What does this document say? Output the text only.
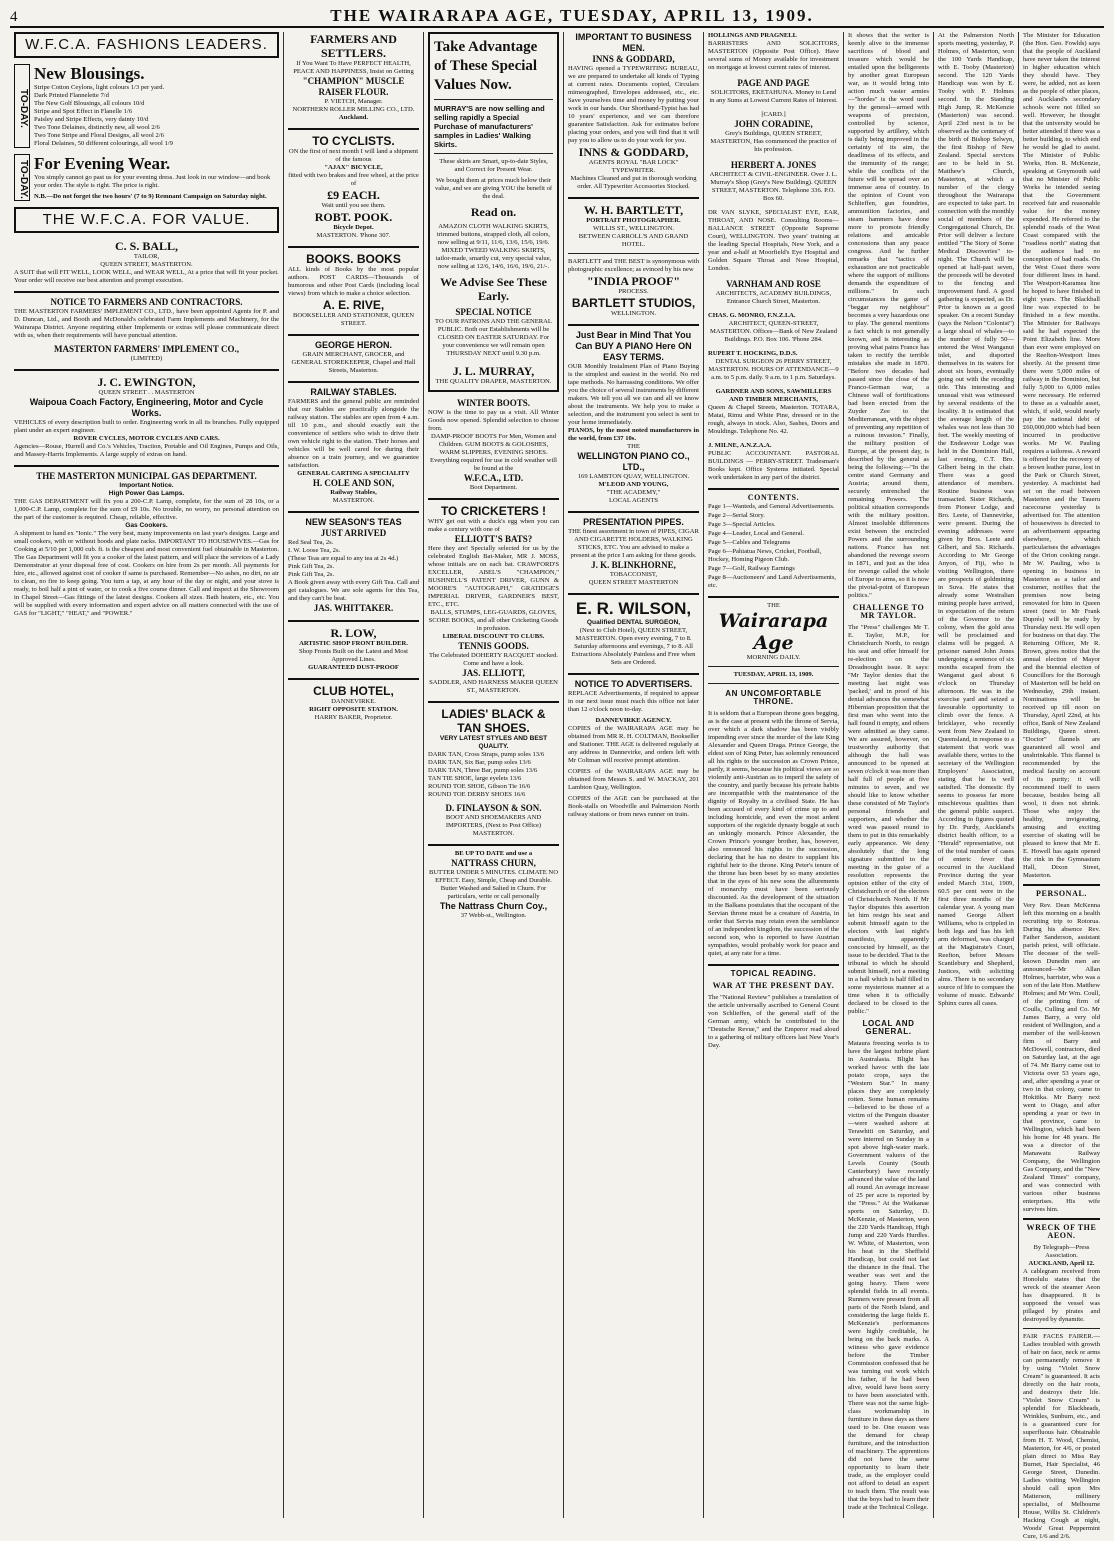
4	THE WAIRARAPA AGE, TUESDAY, APRIL 13, 1909.
W.F.C.A. FASHIONS LEADERS.
TO-DAY.
New Blousings.
Stripe Cotton Ceylons, light colours 1/3 per yard.
Dark Printed Flannelette 7/d
The New Golf Blousings, all colours 10/d
Stripe and Spot Effect in Flanelle 1/6
Paisley and Stripe Effects, very dainty 10/d
Two Tone Delaines, distinctly new, all wool 2/6
Two Tone Stripe and Floral Designs, all wool 2/6
Floral Delaines, 50 different colourings, all wool 1/9
TO-DAY. For Evening Wear.
You simply cannot go past us for your evening dress. Just look in our window—and book your order. The style is right. The price is right.
N.B.—Do not forget the two hours' (7 to 9) Remnant Campaign on Saturday night.
THE W.F.C.A. FOR VALUE.
C. S. BALL,
TAILOR,
QUEEN STREET, MASTERTON.
A SUIT that will FIT WELL, LOOK WELL, and WEAR WELL, At a price that will fit your pocket. Your order will receive our best attention and prompt execution.
NOTICE TO FARMERS AND CONTRACTORS.
THE MASTERTON FARMERS' IMPLEMENT CO., LTD., have been appointed Agents for P. and D. Duncan, Ltd., and Booth and McDonald's celebrated Farm Implements and Machinery, for the Wairarapa District. Anyone requiring either Implements or extras will please communicate direct with us, when their requirements will have punctual attention.
MASTERTON FARMERS' IMPLEMENT CO.,
(LIMITED)
J. C. EWINGTON,
QUEEN STREET . . MASTERTON
Waipoua Coach Factory, Engineering, Motor and Cycle Works.
VEHICLES of every description built to order. Engineering work in all its branches. Fully equipped plant under an expert engineer.
ROVER CYCLES, MOTOR CYCLES AND CARS.
Agencies—Rouse, Hurrell and Co.'s Vehicles, Traction, Portable and Oil Engines, Pumps and Oils, and Massey-Harris Implements. A large supply of extras on hand.
THE MASTERTON MUNICIPAL GAS DEPARTMENT.
Important Notice.
High Power Gas Lamps.
THE GAS DEPARTMENT will fix you a 200-C.P. Lamp, complete, for the sum of 28 10s, or a 1,000-C.P. Lamp, complete for the sum of £9 10s. No trouble, no worry, no personal attention on the part of the customer is required. Cheap, reliable, effective.
Gas Cookers.
A shipment to hand ex "Ionic." The very best, many improvements on last year's designs. Large and small cookers, with or without hoods and plate racks. IMPORTANT TO HOUSEWIVES.—Gas for Cooking at 5/10 per 1,000 cub. ft. is the cheapest and most convenient fuel obtainable in Masterton. The Gas Department will fit you a cooker of the latest pattern, and will place the services of a Lady Demonstrator at your disposal free of cost. Cookers on hire from 2s per month. All payments for hire, etc., allowed against cost of cooker if same is purchased. Remember—No ashes, no dirt, no air to clean, no fire to keep going. You turn a tap, at any hour of the day or night, and your stove is ready, to boil half a pint of water, or to cook a five course dinner. Call and inspect at the Showroom in Chapel Street—Gas fittings of the latest designs. Cookers all sizes. Bath heaters, etc., etc. You will be supplied with every information and expert advice on all matters connected with the use of GAS for "LIGHT," "HEAT," and "POWER."
FARMERS AND SETTLERS.
If You Want To Have PERFECT HEALTH, PEACE AND HAPPINESS, Insist on Getting
"CHAMPION" MUSCLE RAISER FLOUR.
P. VIETCH, Manager.
NORTHERN ROLLER MILLING CO., LTD.
Auckland.
TO CYCLISTS.
ON the first of next month I will land a shipment of the famous
"AJAX" BICYCLE,
fitted with two brakes and free wheel, at the price of
£9 EACH.
Wait until you see them.
ROBT. POOK.
Bicycle Depot.
MASTERTON. 'Phone 307.
BOOKS. BOOKS
ALL kinds of Books by the most popular authors. POST CARDS—Thousands of humorous and other Post Cards (including local views) from which to make a choice selection.
A. E. RIVE,
BOOKSELLER AND STATIONER, QUEEN STREET.
GEORGE HERON.
GRAIN MERCHANT, GROCER, and GENERAL STOREKEEPER, Chapel and Hall Streets, Masterton.
RAILWAY STABLES.
FARMERS and the general public are reminded that our Stables are practically alongside the railway station. The stables are open from 4 a.m. till 10 p.m., and should exactly suit the convenience of settlers who wish to drive their own vehicle right to the station. Their horses and vehicles will be well cared for during their absence on a train journey, and we guarantee satisfaction.
GENERAL CARTING A SPECIALITY
H. COLE AND SON,
Railway Stables,
MASTERTON.
NEW SEASON'S TEAS
JUST ARRIVED
Red Seal Tea, 2s.
I. W. Loose Tea, 2s.
(These Teas are equal to any tea at 2s 4d.)
Pink Gift Tea, 2s.
Pink Gift Tea, 2s.
A Book given away with every Gift Tea. Call and get catalogues. We are sole agents for this Tea, and they can't be beat.
JAS. WHITTAKER.
R. LOW,
ARTISTIC SHOP FRONT BUILDER.
Shop Fronts Built on the Latest and Most Approved Lines.
GUARANTEED DUST-PROOF
CLUB HOTEL,
DANNEVIRKE.
RIGHT OPPOSITE STATION.
HARRY BAKER, Proprietor.
Take Advantage of These Special Values Now.
MURRAY'S are now selling and selling rapidly a Special Purchase of manufacturers' samples in Ladies' Walking Skirts.
These skirts are Smart, up-to-date Styles, and Correct for Present Wear.
We bought them at prices much below their value, and we are giving YOU the benefit of the deal.
Read on.
AMAZON CLOTH WALKING SKIRTS, trimmed buttons, strapped cloth, all colors, now selling at 9/11, 11/6, 13/6, 15/6, 19/6. MIXED TWEED WALKING SKIRTS, tailor-made, smartly cut, very special value, now selling at 12/6, 14/6, 16/6, 19/6, 21/-.
We Advise See These Early.
SPECIAL NOTICE
TO OUR PATRONS AND THE GENERAL PUBLIC. Both our Establishments will be CLOSED ON EASTER SATURDAY. For your convenience we will remain open THURSDAY NEXT until 9.30 p.m.
J. L. MURRAY,
THE QUALITY DRAPER, MASTERTON.
WINTER BOOTS.
NOW is the time to pay us a visit. All Winter Goods now opened. Splendid selection to choose from.
DAMP-PROOF BOOTS For Men, Women and Children. GUM BOOTS & GOLOSHES, WARM SLIPPERS, EVENING SHOES. Everything required for use in cold weather will be found at the
W.F.C.A., LTD.
Boot Department.
TO CRICKETERS !
WHY get out with a duck's egg when you can make a century with one of
ELLIOTT'S BATS?
Here they are! Specially selected for us by the celebrated English Bat-Maker, MR J. MOSS, whose initials are on each bat. CRAWFORD'S EXCELLER, ABEL'S "CHAMPION," BUSHNELL'S PATENT DRIVER, GUNN & MOORE'S "AUTOGRAPH," GRATIDGE'S IMPERIAL DRIVER, GARDNER'S BEST, ETC., ETC.
BALLS, STUMPS, LEG-GUARDS, GLOVES, SCORE BOOKS, and all other Cricketing Goods in profusion.
LIBERAL DISCOUNT TO CLUBS.
TENNIS GOODS.
The Celebrated DOHERTY RACQUET stocked. Come and have a look.
JAS. ELLIOTT,
SADDLER, AND HARNESS MAKER QUEEN ST., MASTERTON.
LADIES' BLACK & TAN SHOES.
VERY LATEST STYLES AND BEST QUALITY.
DARK TAN, Cross Straps, pump soles 13/6
DARK TAN, Six Bar, pump soles 13/6
DARK TAN, Three Bar, pump soles 13/6
TAN TIE SHOE, large eyelets 13/6
ROUND TOE SHOE, Gibson Tie 16/6
ROUND TOE DERBY SHOES 16/6
D. FINLAYSON & SON.
BOOT AND SHOEMAKERS AND IMPORTERS, (Next to Post Office) MASTERTON.
BE UP TO DATE and use a
NATTRASS CHURN,
BUTTER UNDER 5 MINUTES. CLIMATE NO EFFECT. Easy, Simple, Cheap and Durable. Butter Washed and Salted in Churn. For particulars, write or call personally
The Nattrass Churn Coy.,
37 Webb-st., Wellington.
IMPORTANT TO BUSINESS MEN.
INNS & GODDARD,
HAVING opened a TYPEWRITING BUREAU, we are prepared to undertake all kinds of Typing at current rates. Documents copied, Circulars mimeographed, Envelopes addressed, etc., etc. Save yourselves time and money by putting your work in our hands. Our Shorthand-Typist has had 10 years' experience, and we can therefore guarantee Satisfaction. Ask for estimates before placing your orders, and you will find that it will pay you to allow us to do your work for you.
INNS & GODDARD,
AGENTS ROYAL "BAR LOCK" TYPEWRITER.
Machines Cleaned and put in thorough working order. All Typewriter Accessories Stocked.
W. H. BARTLETT,
PORTRAIT PHOTOGRAPHER.
WILLIS ST., WELLINGTON.
BETWEEN CARROLL'S AND GRAND HOTEL.
BARTLETT and THE BEST is synonymous with photographic excellence; as evinced by his new
"INDIA PROOF"
PROCESS.
BARTLETT STUDIOS,
WELLINGTON.
Just Bear in Mind That You Can BUY A PIANO Here ON EASY TERMS.
OUR Monthly Instalment Plan of Piano Buying is the simplest and easiest in the world. No red tape methods. No harrassing conditions. We offer you the choice of several instruments by different makers. We tell you all we can and all we know about the instruments. We help you to make a selection, and the instrument you select is sent to your home immediately.
PIANOS, by the most noted manufacturers in the world, from £37 10s.
THE
WELLINGTON PIANO CO., LTD.,
169 LAMBTON QUAY, WELLINGTON.
M'LEOD AND YOUNG,
"THE ACADEMY,"
LOCAL AGENTS
PRESENTATION PIPES.
THE finest assortment in town of PIPES, CIGAR AND CIGARETTE HOLDERS, WALKING STICKS, ETC. You are advised to make a present at the price I am asking for these goods.
J. K. BLINKHORNE,
TOBACCONIST,
QUEEN STREET MASTERTON
E. R. WILSON,
Qualified DENTAL SURGEON,
(Next to Club Hotel), QUEEN STREET, MASTERTON. Open every evening, 7 to 8. Saturday afternoons and evenings, 7 to 8. All Extractions Absolutely Painless and Free when Sets are Ordered.
NOTICE TO ADVERTISERS.
REPLACE Advertisements, if required to appear in our next issue must reach this office not later than 12 o'clock noon to-day.
DANNEVIRKE AGENCY.
COPIES of the WAIRARAPA AGE may be obtained from MR R. H. COLTMAN, Bookseller and Stationer. THE AGE is delivered regularly at any address in Dannevirke, and orders left with Mr Coltman will receive prompt attention.
COPIES of the WAIRARAPA AGE may be obtained from Messrs S. and W. MACKAY, 201 Lambton Quay, Wellington.
COPIES of the AGE can be purchased at the Book-stalls on Woodville and Palmerston North railway stations or from news runner on train.
HOLLINGS AND PRAGNELL
BARRISTERS AND SOLICITORS, MASTERTON (Opposite Post Office). Have several sums of Money available for investment on mortgage at lowest current rates of interest.
PAGE AND PAGE
SOLICITORS, EKETAHUNA. Money to Lend in any Sums at Lowest Current Rates of Interest.
[CARD.]
JOHN CORADINE,
Grey's Buildings, QUEEN STREET, MASTERTON, Has commenced the practice of his profession.
HERBERT A. JONES
ARCHITECT & CIVIL-ENGINEER. Over J. L. Murray's Shop (Grey's New Building). QUEEN STREET, MASTERTON. Telephone 336. P.O. Box 60.
DR VAN SLYKE, SPECIALIST EYE, EAR, THROAT, AND NOSE. Consulting Rooms—BALLANCE STREET (Opposite Supreme Court), WELLINGTON. Two years' training at the leading Special Hospitals, New York, and a year and a-half at Moorfield's Eye Hospital and Golden Square Throat and Nose Hospital, London.
VARNHAM AND ROSE
ARCHITECTS, ACADEMY BUILDINGS, Entrance Church Street, Masterton.
CHAS. G. MONRO, F.N.Z.I.A.
ARCHITECT, QUEEN-STREET, MASTERTON. Offices—Bank of New Zealand Buildings. P.O. Box 106. 'Phone 284.
RUPERT T. HOCKING, D.D.S.
DENTAL SURGEON 26 PERRY STREET, MASTERTON. HOURS OF ATTENDANCE—9 a.m. to 5 p.m. daily. 9 a.m. to 1 p.m. Saturdays.
GARDNER AND SONS, SAWMILLERS AND TIMBER MERCHANTS,
Queen & Chapel Streets, Masterton. TOTARA, Matai, Rimu and White Pine, dressed or in the rough, always in stock. Also, Sashes, Doors and Mouldings. Telephone No. 42.
J. MILNE, A.N.Z.A.A.
PUBLIC ACCOUNTANT. PASTORAL BUILDINGS — PERRY-STREET. Tradesman's Books kept. Office Systems initiated. Special work undertaken in any part of the district.
CONTENTS.
Page 1—Wanteds, and General Advertisements.
Page 2—Serial Story.
Page 3—Special Articles.
Page 4—Leader, Local and General.
Page 5—Cables and Telegrams
Page 6—Pahiatua News, Cricket, Football, Hockey, Homing Pigeon Club.
Page 7—Golf, Railway Earnings
Page 8—Auctioneers' and Land Advertisements, etc.
THE
Wairarapa Age
MORNING DAILY.
TUESDAY, APRIL 13, 1909.
AN UNCOMFORTABLE THRONE.
It is seldom that a European throne goes begging, as is the case at present with the throne of Servia, over which a dark shadow has been visibly impending ever since the murder of the late King Alexander and Queen Draga. Prince George, the eldest son of King Peter, has solemnly renounced all his rights to the succession as Crown Prince, partly, it seems, because his political views are so violently anti-Austrian as to imperil the safety of the country, and partly because his private habits are incompatible with the maintenance of the dignity of Royalty in a civilised State. He has been accused of every kind of crime up to and including homicide, and even the most ardent supporters of the regicide dynasty boggle at such an unkingly monarch. Prince Alexander, the Crown Prince's younger brother, has, however, also renounced his rights to the succession, declaring that he has no desire to supplant his rightful heir to the throne. King Peter's tenure of the throne has been beset by so many anxieties that in the eyes of his new sons the allurements of monarchy must have been seriously discounted. As the development of the situation in the Balkans postulates that the occupant of the Servian throne must be a creature of Austria, in order that Servia may retain even the semblance of an independent kingdom, the succession of the second son, who is reported to have Austrian sympathies, would probably work for peace and quiet, at any rate for a time.
TOPICAL READING.
WAR AT THE PRESENT DAY.
The "National Review" publishes a translation of the article universally ascribed to General Count von Schlieffen, of the general staff of the German army, which he contributed to the "Deutsche Revue," and the Emperor read aloud to a gathering of military officers last New Year's Day.
It shows that the writer is keenly alive to the immense sacrifices of blood and treasure which would be entailed upon the belligerents by another great European war, as it would bring into action much vaster armies—"hordes" is the word used by the general—armed with weapons of precision, controlled by science, supported by artillery, which is daily being improved in the certainty of its aim, the deadliness of its effects, and the immunity of its range; while the conflicts of the future will be spread over an immense area of country. In the opinion of Count von Schlieffen, gun foundries, ammunition factories, and steam hammers have done more to promote friendly relations and amicable concessions than any peace congress. And he further remarks that "tactics of exhaustion are not practicable where the support of millions demands the expenditure of millions." In such circumstances the game of "beggar my neighbour" becomes a very hazardous one to play. The general mentions a fact which is not generally known, and is interesting as proving what pains France has taken to rectify the terrible mistakes she made in 1870. "Before two decades had passed since the close of the Franco-German war, a Chinese wall of fortifications had been erected from the Zuyder Zee to the Mediterranean, with the object of preventing any repetition of a ruinous invasion." Finally, the military position of Europe, at the present day, is described by the general as being the following:—"In the centre stand Germany and Austria; around them, securely entrenched the remaining Powers. The political situation corresponds with the military position. Almost insoluble differences exist between the encircled Powers and the surrounding nations. France has not abandoned the revenge sworn in 1871, and just as the idea for revenge called the whole of Europe to arms, so it is now the pivotal-point of European politics."
CHALLENGE TO MR TAYLOR.
The "Press" challenges Mr T. E. Taylor, M.P., for Christchurch North, to resign his seat and offer himself for re-election on the Dreadnought issue. It says: "Mr Taylor denies that the meeting last night was 'packed,' and in proof of his denial advances the somewhat Hibernian proposition that the first man who went into the hall found it empty, and others were admitted as they came. We are assured, however, on trustworthy authority that although the hall was announced to be opened at seven o'clock it was more than half full of people at five minutes to seven, and we should like to know whether these consisted of Mr Taylor's personal friends and supporters, and whether the word was passed round to them to put in this remarkably early appearance. We deny absolutely that the long signature submitted to the meeting in the guise of a resolution represents the opinion either of the city of Christchurch or of the electors of Christchurch North. If Mr Taylor disputes this assertion let him resign his seat and submit himself again to the electors with last night's manifesto, apparently concocted by himself, as the issue to be decided. That is the tribunal to which he should submit himself, not a meeting in a hall which is half filled in some mysterious manner at a time when it is officially declared to be closed to the public."
LOCAL AND GENERAL.
Mataura freezing works is to have the largest turbine plant in Australasia. Blight has worked havoc with the late potato crops, says the "Western Star." In many places they are completely rotten. Some human remains—believed to be those of a victim of the Penguin disaster—were washed ashore at Terawhiti on Saturday, and were interred on Sunday in a spot above high-water mark. Government valuers of the Levels County (South Canterbury) have recently advanced the value of the land all round. An average increase of 25 per acre is reported by the "Press." At the Waikanae sports on Saturday, D. McKenzie, of Masterton, won the 220 Yards Handicap, High Jump and 220 Yards Hurdles. W. White, of Masterton, won his heat in the Sheffield Handicap, but could not last the distance in the final. The weather was wet and the going heavy. There were splendid fields in all events. Runners were present from all parts of the North Island, and considering the large fields E. McKenzie's performances were highly creditable, he being on the back marks. A witness who gave evidence before the Timber Commission confessed that he was turning out work which his father, if he had been alive, would have been sorry to have been associated with. There was not the same high-class workmanship in furniture in these days as there used to be. One reason was the demand for cheap furniture, and the introduction of machinery. The apprentices did not have the same opportunity to learn their trade, as the employer could not afford to detail an expert to teach them. The result was that the boys had to learn their trade at the Technical College.
At the Palmerston North sports meeting, yesterday, P. Holmes, of Masterton, won the 100 Yards Handicap, with E. Tooby (Masterton) second. The 120 Yards Handicap was won by E. Tooby with P. Holmes second. In the Standing High Jump, R. McKenzie (Masterton) was second. April 23rd next is to be observed as the centenary of the birth of Bishop Selwyn, the first Bishop of New Zealand. Special services are to be held in St. Matthew's Church, Masterton, at which a number of the clergy throughout the Wairarapa are expected to take part. In connection with the monthly social of members of the Congregational Church, Dr. Prior will deliver a lecture entitled "The Story of Some Medical Discoveries" to-night. The Church will be opened at half-past seven, the proceeds will be devoted to the fencing and improvement fund. A good gathering is expected, as Dr. Prior is known as a good speaker. On a recent Sunday (says the Nelson "Colonist") a large shoal of whales—to the number of fully 50—entered the West Wanganui inlet, and disported themselves in its waters for about six hours, eventually going out with the receding tide. This interesting and unusual visit was witnessed by several residents of the locality. It is estimated that the average length of the whales was not less than 30 feet. The weekly meeting of the Endeavour Lodge was held in the Dominion Hall, last evening, C.T. Bro. Gilbert being in the chair. There was a good attendance of members. Routine business was transacted. Sister Richards, from Pioneer Lodge, and Bro. Leete, of Dannevirke, were present. During the evening addresses were given by Bros. Leete and Gilbert, and Sis. Richards. According to Mr George Anyon, of Fiji, who is visiting Wellington, there are prospects of goldmining in Suva. He states that already some Westralian mining people have arrived, in expectation of the return of the Governor to the colony, when the gold area will be proclaimed and claims will be pegged. A prisoner named John Jones undergoing a sentence of six months escaped from the Wanganui gaol about 6 o'clock on Thursday afternoon. He was in the exercise yard and seized a favourable opportunity to climb over the fence. A bricklayer, who recently went from New Zealand to Queensland, in response to a statement that work was available there, writes to the secretary of the Wellington Employers' Association, stating that he is well satisfied. The domestic fly seems to possess far more mischievous qualities than the general public suspect. According to figures quoted by Dr. Purdy, Auckland's district health officer, to a "Herald" representative, out of the total number of cases of enteric fever that occurred in the Auckland Province during the year ended March 31st, 1909, 60.5 per cent were in the first three months of the calendar year. A young man named George Albert Williams, who is crippled in both legs and has his left arm deformed, was charged at the Magistrate's Court, Reefton, before Messrs Scantlebury and Shepherd, Justices, with soliciting alms. There is no secondary source of life to compare the volume of music. Edwards' Sphinx cures all cases.
The Minister for Education (the Hon. Geo. Fowlds) says that the people of Auckland have never taken the interest in higher education which they should have. They were, he added, not as keen as the people of other places, and Auckland's secondary schools were not filled so well. However, he thought that the university would be better attended if there was a better building, to which end he would be glad to assist. The Minister of Public Works, Hon. R. McKenzie, speaking at Greymouth said that no Minister of Public Works he intended seeing that the Government received fair and reasonable value for the money expended. He referred to the splendid roads of the West Coast compared with the "roadless north" stating that the audience had no conception of bad roads. On the West Coast there were four different lines in hand. The Westport-Karamea line he hoped to have finished in eight years. The Blackball line was expected to be finished in a few months. The Minister for Railways said he had expected the Point Elizabeth line. More than ever were employed on the Reefton-Westport lines shortly. At the present time there were 5,000 miles of railway in the Dominion, but fully 5,000 to 6,000 miles were necessary. He referred to these as a valuable asset, which, if sold, would nearly pay the national debt of £60,000,000 which had been incurred in productive works. Mr W. Pauling requires a tailoress. A reward is offered for the recovery of a brown leather purse, lost in the Park or Church Street, yesterday. A machinist had set on the road between Masterton and the Taueru racecourse yesterday is advertised for. The attention of housewives is directed to an advertisement appearing elsewhere, which particularises the advantages of the Orion cooking range. Mr W. Pauling, who is opening in business in Masterton as a tailor and costumer, notifies that the premises now being renovated for him in Queen street (next to Mr Frank Duprés) will be ready by Thursday next. He will open for business on that day. The Returning Officer, Mr R. Brown, gives notice that the annual election of Mayor and the biennial election of Councillors for the Borough of Masterton will be held on Wednesday, 29th instant. Nominations will be received up till noon on Thursday, April 22nd, at his office, Bank of New Zealand Buildings, Queen street. "Doctor" flannels are guaranteed all wool and unshrinkable. This flannel is recommended by the medical faculty on account of its purity; it will recommend itself to users because, besides being all wool, it does not shrink. Those who enjoy the healthy, invigorating, amusing and exciting exercise of skating will be pleased to know that Mr E. E. Howell has again opened the rink in the Gymnasium Hall, Dixon Street, Masterton.
PERSONAL.
Very Rev. Dean McKenna left this morning on a health recruiting trip to Rotorua. During his absence Rev. Father Sanderson, assistant parish priest, will officiate. The decease of the well-known Dunedin men are announced—Mr Allan Holmes, barrister, who was a son of the late Hon. Matthew Holmes; and Mr Wm. Coull, of the printing firm of Coulls, Culling and Co. Mr James Barry, a very old resident of Wellington, and a member of the well-known firm of Barry and McDowell, contractors, died on Saturday last, at the age of 74. Mr Barry came out to Victoria over 53 years ago, and, after spending a year or two in that colony, came to Hokitika. Mr Barry next went to Otago, and after spending a year or two in that province, came to Wellington, which had been his home for 48 years. He was a director of the Manawatu Railway Company, the Wellington Gas Company, and the "New Zealand Times" company, and was connected with various other business enterprises. His wife survives him.
WRECK OF THE AEON.
By Telegraph—Press Association.
AUCKLAND, April 12.
A cablegram received from Honolulu states that the wreck of the steamer Aeon has disappeared. It is supposed the vessel was pillaged by pirates and destroyed by dynamite.
FAIR FACES FAIRER.—Ladies troubled with growth of hair on face, neck or arms can permanently remove it by using "Violet Snow Cream" is guaranteed. It acts directly on the hair roots, and destroys their life. "Violet Snow Cream" is splendid for Blackheads, Wrinkles, Sunburn, etc., and is a guaranteed cure for superfluous hair. Obtainable from H. T. Wood, Chemist, Masterton, for 4/6, or posted plain direct to Miss Ray Burnet, Hair Specialist, 46 George Street, Dunedin. Ladies visiting Wellington should call upon Mrs Matterson, millinery specialist, of Melbourne House, Willis St. Children's Hacking Cough at night, Woods' Great Peppermint Cure, 1/6 and 2/6.
